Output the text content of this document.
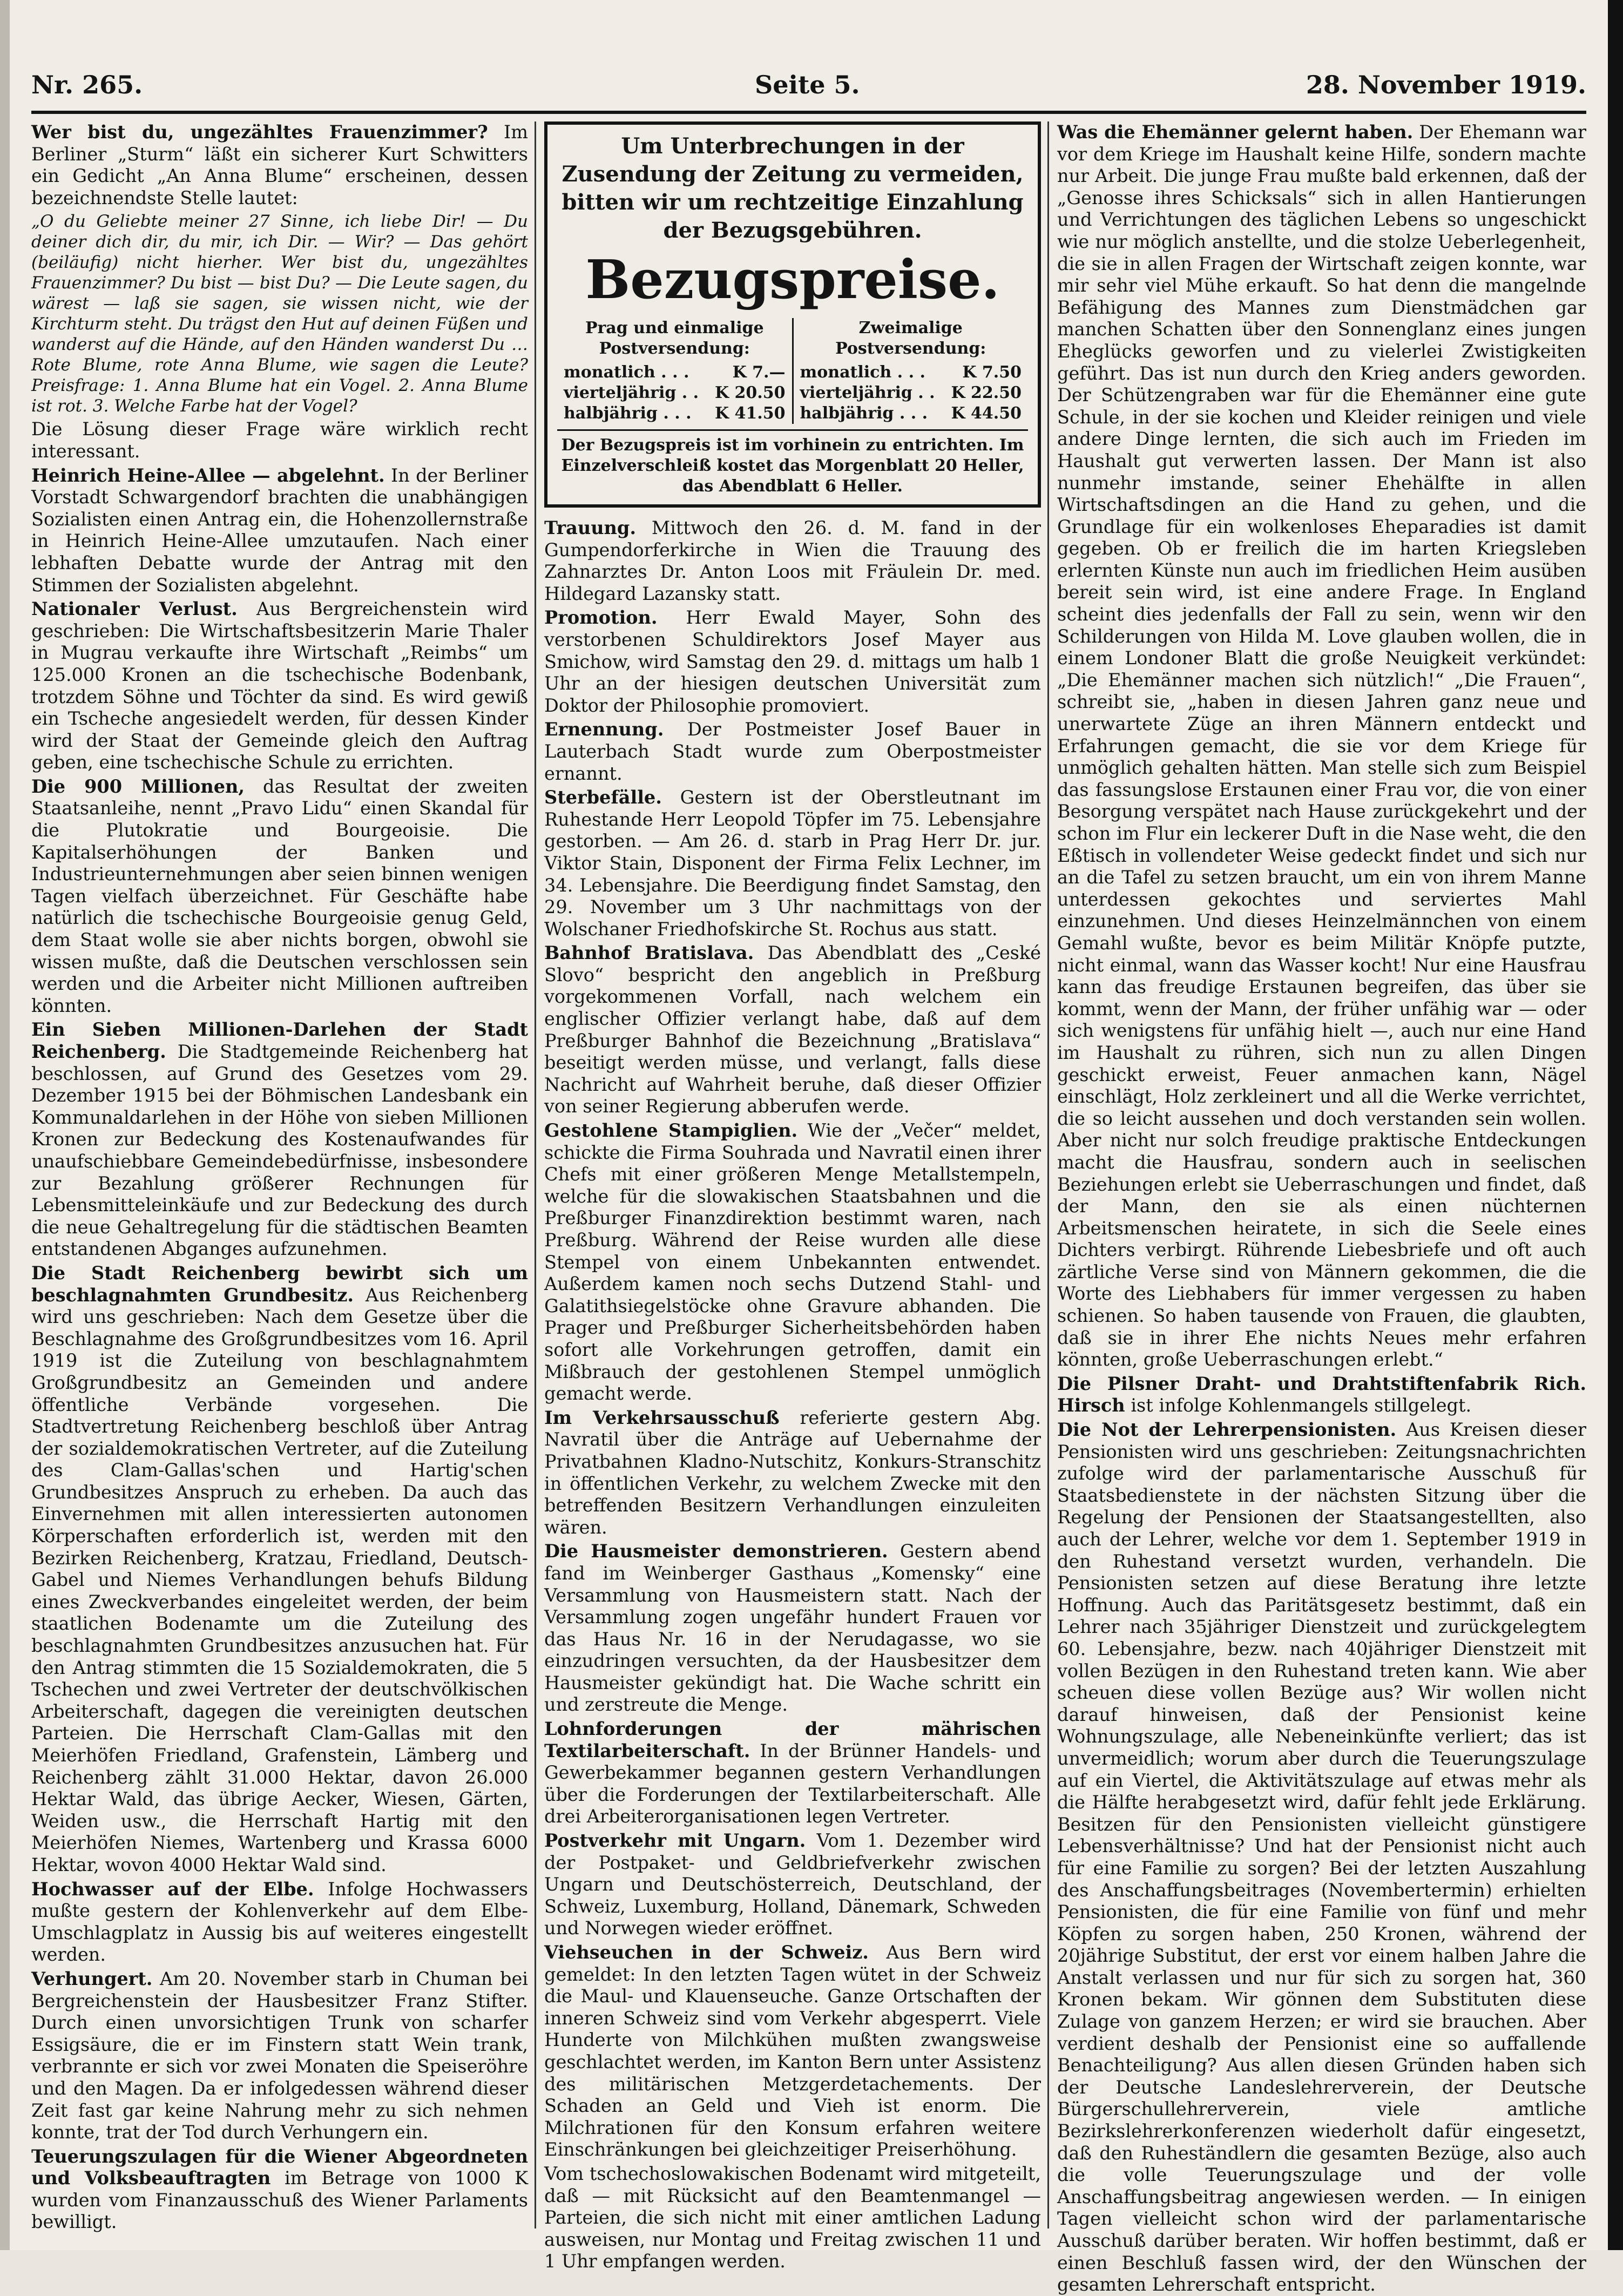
Nr. 265.	Seite 5.	28. November 1919.

Wer bist du, ungezähltes Frauenzimmer? Im Berliner „Sturm“ läßt ein sicherer Kurt Schwitters ein Gedicht „An Anna Blume“ erscheinen, dessen bezeichnendste Stelle lautet:

„O du Geliebte meiner 27 Sinne, ich liebe Dir! — Du deiner dich dir, du mir, ich Dir. — Wir? — Das gehört (beiläufig) nicht hierher. Wer bist du, ungezähltes Frauenzimmer? Du bist — bist Du? — Die Leute sagen, du wärest — laß sie sagen, sie wissen nicht, wie der Kirchturm steht. Du trägst den Hut auf deinen Füßen und wanderst auf die Hände, auf den Händen wanderst Du … Rote Blume, rote Anna Blume, wie sagen die Leute? Preisfrage: 1. Anna Blume hat ein Vogel. 2. Anna Blume ist rot. 3. Welche Farbe hat der Vogel?

Die Lösung dieser Frage wäre wirklich recht interessant.

Heinrich Heine-Allee — abgelehnt. In der Berliner Vorstadt Schwargendorf brachten die unabhängigen Sozialisten einen Antrag ein, die Hohenzollernstraße in Heinrich Heine-Allee umzutaufen. Nach einer lebhaften Debatte wurde der Antrag mit den Stimmen der Sozialisten abgelehnt.

Nationaler Verlust. Aus Bergreichenstein wird geschrieben: Die Wirtschaftsbesitzerin Marie Thaler in Mugrau verkaufte ihre Wirtschaft „Reimbs“ um 125.000 Kronen an die tschechische Bodenbank, trotzdem Söhne und Töchter da sind. Es wird gewiß ein Tscheche angesiedelt werden, für dessen Kinder wird der Staat der Gemeinde gleich den Auftrag geben, eine tschechische Schule zu errichten.

Die 900 Millionen, das Resultat der zweiten Staatsanleihe, nennt „Pravo Lidu“ einen Skandal für die Plutokratie und Bourgeoisie. Die Kapitalserhöhungen der Banken und Industrieunternehmungen aber seien binnen wenigen Tagen vielfach überzeichnet. Für Geschäfte habe natürlich die tschechische Bourgeoisie genug Geld, dem Staat wolle sie aber nichts borgen, obwohl sie wissen mußte, daß die Deutschen verschlossen sein werden und die Arbeiter nicht Millionen auftreiben könnten.

Ein Sieben Millionen-Darlehen der Stadt Reichenberg. Die Stadtgemeinde Reichenberg hat beschlossen, auf Grund des Gesetzes vom 29. Dezember 1915 bei der Böhmischen Landesbank ein Kommunaldarlehen in der Höhe von sieben Millionen Kronen zur Bedeckung des Kostenaufwandes für unaufschiebbare Gemeindebedürfnisse, insbesondere zur Bezahlung größerer Rechnungen für Lebensmitteleinkäufe und zur Bedeckung des durch die neue Gehaltregelung für die städtischen Beamten entstandenen Abganges aufzunehmen.

Die Stadt Reichenberg bewirbt sich um beschlagnahmten Grundbesitz. Aus Reichenberg wird uns geschrieben: Nach dem Gesetze über die Beschlagnahme des Großgrundbesitzes vom 16. April 1919 ist die Zuteilung von beschlagnahmtem Großgrundbesitz an Gemeinden und andere öffentliche Verbände vorgesehen. Die Stadtvertretung Reichenberg beschloß über Antrag der sozialdemokratischen Vertreter, auf die Zuteilung des Clam-Gallas'schen und Hartig'schen Grundbesitzes Anspruch zu erheben. Da auch das Einvernehmen mit allen interessierten autonomen Körperschaften erforderlich ist, werden mit den Bezirken Reichenberg, Kratzau, Friedland, Deutsch-Gabel und Niemes Verhandlungen behufs Bildung eines Zweckverbandes eingeleitet werden, der beim staatlichen Bodenamte um die Zuteilung des beschlagnahmten Grundbesitzes anzusuchen hat. Für den Antrag stimmten die 15 Sozialdemokraten, die 5 Tschechen und zwei Vertreter der deutschvölkischen Arbeiterschaft, dagegen die vereinigten deutschen Parteien. Die Herrschaft Clam-Gallas mit den Meierhöfen Friedland, Grafenstein, Lämberg und Reichenberg zählt 31.000 Hektar, davon 26.000 Hektar Wald, das übrige Aecker, Wiesen, Gärten, Weiden usw., die Herrschaft Hartig mit den Meierhöfen Niemes, Wartenberg und Krassa 6000 Hektar, wovon 4000 Hektar Wald sind.

Hochwasser auf der Elbe. Infolge Hochwassers mußte gestern der Kohlenverkehr auf dem Elbe-Umschlagplatz in Aussig bis auf weiteres eingestellt werden.

Verhungert. Am 20. November starb in Chuman bei Bergreichenstein der Hausbesitzer Franz Stifter. Durch einen unvorsichtigen Trunk von scharfer Essigsäure, die er im Finstern statt Wein trank, verbrannte er sich vor zwei Monaten die Speiseröhre und den Magen. Da er infolgedessen während dieser Zeit fast gar keine Nahrung mehr zu sich nehmen konnte, trat der Tod durch Verhungern ein.

Teuerungszulagen für die Wiener Abgeordneten und Volksbeauftragten im Betrage von 1000 K wurden vom Finanzausschuß des Wiener Parlaments bewilligt.

Um Unterbrechungen in der Zusendung der Zeitung zu vermeiden, bitten wir um rechtzeitige Einzahlung der Bezugsgebühren.

Bezugspreise.
Prag und einmalige Postversendung:
monatlich . . .	K 7.—
vierteljährig . . K 20.50
halbjährig . . . K 41.50
Zweimalige Postversendung:
monatlich . . . K 7.50
vierteljährig . . K 22.50
halbjährig . . . K 44.50
Der Bezugspreis ist im vorhinein zu entrichten. Im Einzelverschleiß kostet das Morgenblatt 20 Heller, das Abendblatt 6 Heller.

Trauung. Mittwoch den 26. d. M. fand in der Gumpendorferkirche in Wien die Trauung des Zahnarztes Dr. Anton Loos mit Fräulein Dr. med. Hildegard Lazansky statt.

Promotion. Herr Ewald Mayer, Sohn des verstorbenen Schuldirektors Josef Mayer aus Smichow, wird Samstag den 29. d. mittags um halb 1 Uhr an der hiesigen deutschen Universität zum Doktor der Philosophie promoviert.

Ernennung. Der Postmeister Josef Bauer in Lauterbach Stadt wurde zum Oberpostmeister ernannt.

Sterbefälle. Gestern ist der Oberstleutnant im Ruhestande Herr Leopold Töpfer im 75. Lebensjahre gestorben. — Am 26. d. starb in Prag Herr Dr. jur. Viktor Stain, Disponent der Firma Felix Lechner, im 34. Lebensjahre. Die Beerdigung findet Samstag, den 29. November um 3 Uhr nachmittags von der Wolschaner Friedhofskirche St. Rochus aus statt.

Bahnhof Bratislava. Das Abendblatt des „Ceské Slovo“ bespricht den angeblich in Preßburg vorgekommenen Vorfall, nach welchem ein englischer Offizier verlangt habe, daß auf dem Preßburger Bahnhof die Bezeichnung „Bratislava“ beseitigt werden müsse, und verlangt, falls diese Nachricht auf Wahrheit beruhe, daß dieser Offizier von seiner Regierung abberufen werde.

Gestohlene Stampiglien. Wie der „Večer“ meldet, schickte die Firma Souhrada und Navratil einen ihrer Chefs mit einer größeren Menge Metallstempeln, welche für die slowakischen Staatsbahnen und die Preßburger Finanzdirektion bestimmt waren, nach Preßburg. Während der Reise wurden alle diese Stempel von einem Unbekannten entwendet. Außerdem kamen noch sechs Dutzend Stahl- und Galatithsiegelstöcke ohne Gravure abhanden. Die Prager und Preßburger Sicherheitsbehörden haben sofort alle Vorkehrungen getroffen, damit ein Mißbrauch der gestohlenen Stempel unmöglich gemacht werde.

Im Verkehrsausschuß referierte gestern Abg. Navratil über die Anträge auf Uebernahme der Privatbahnen Kladno-Nutschitz, Konkurs-Stranschitz in öffentlichen Verkehr, zu welchem Zwecke mit den betreffenden Besitzern Verhandlungen einzuleiten wären.

Die Hausmeister demonstrieren. Gestern abend fand im Weinberger Gasthaus „Komensky“ eine Versammlung von Hausmeistern statt. Nach der Versammlung zogen ungefähr hundert Frauen vor das Haus Nr. 16 in der Nerudagasse, wo sie einzudringen versuchten, da der Hausbesitzer dem Hausmeister gekündigt hat. Die Wache schritt ein und zerstreute die Menge.

Lohnforderungen der mährischen Textilarbeiterschaft. In der Brünner Handels- und Gewerbekammer begannen gestern Verhandlungen über die Forderungen der Textilarbeiterschaft. Alle drei Arbeiterorganisationen legen Vertreter.

Postverkehr mit Ungarn. Vom 1. Dezember wird der Postpaket- und Geldbriefverkehr zwischen Ungarn und Deutschösterreich, Deutschland, der Schweiz, Luxemburg, Holland, Dänemark, Schweden und Norwegen wieder eröffnet.

Viehseuchen in der Schweiz. Aus Bern wird gemeldet: In den letzten Tagen wütet in der Schweiz die Maul- und Klauenseuche. Ganze Ortschaften der inneren Schweiz sind vom Verkehr abgesperrt. Viele Hunderte von Milchkühen mußten zwangsweise geschlachtet werden, im Kanton Bern unter Assistenz des militärischen Metzgerdetachements. Der Schaden an Geld und Vieh ist enorm. Die Milchrationen für den Konsum erfahren weitere Einschränkungen bei gleichzeitiger Preiserhöhung.

Vom tschechoslowakischen Bodenamt wird mitgeteilt, daß — mit Rücksicht auf den Beamtenmangel — Parteien, die sich nicht mit einer amtlichen Ladung ausweisen, nur Montag und Freitag zwischen 11 und 1 Uhr empfangen werden.

Was die Ehemänner gelernt haben. Der Ehemann war vor dem Kriege im Haushalt keine Hilfe, sondern machte nur Arbeit. Die junge Frau mußte bald erkennen, daß der „Genosse ihres Schicksals“ sich in allen Hantierungen und Verrichtungen des täglichen Lebens so ungeschickt wie nur möglich anstellte, und die stolze Ueberlegenheit, die sie in allen Fragen der Wirtschaft zeigen konnte, war mir sehr viel Mühe erkauft. So hat denn die mangelnde Befähigung des Mannes zum Dienstmädchen gar manchen Schatten über den Sonnenglanz eines jungen Eheglücks geworfen und zu vielerlei Zwistigkeiten geführt. Das ist nun durch den Krieg anders geworden. Der Schützengraben war für die Ehemänner eine gute Schule, in der sie kochen und Kleider reinigen und viele andere Dinge lernten, die sich auch im Frieden im Haushalt gut verwerten lassen. Der Mann ist also nunmehr imstande, seiner Ehehälfte in allen Wirtschaftsdingen an die Hand zu gehen, und die Grundlage für ein wolkenloses Eheparadies ist damit gegeben. Ob er freilich die im harten Kriegsleben erlernten Künste nun auch im friedlichen Heim ausüben bereit sein wird, ist eine andere Frage. In England scheint dies jedenfalls der Fall zu sein, wenn wir den Schilderungen von Hilda M. Love glauben wollen, die in einem Londoner Blatt die große Neuigkeit verkündet: „Die Ehemänner machen sich nützlich!“ „Die Frauen“, schreibt sie, „haben in diesen Jahren ganz neue und unerwartete Züge an ihren Männern entdeckt und Erfahrungen gemacht, die sie vor dem Kriege für unmöglich gehalten hätten. Man stelle sich zum Beispiel das fassungslose Erstaunen einer Frau vor, die von einer Besorgung verspätet nach Hause zurückgekehrt und der schon im Flur ein leckerer Duft in die Nase weht, die den Eßtisch in vollendeter Weise gedeckt findet und sich nur an die Tafel zu setzen braucht, um ein von ihrem Manne unterdessen gekochtes und serviertes Mahl einzunehmen. Und dieses Heinzelmännchen von einem Gemahl wußte, bevor es beim Militär Knöpfe putzte, nicht einmal, wann das Wasser kocht! Nur eine Hausfrau kann das freudige Erstaunen begreifen, das über sie kommt, wenn der Mann, der früher unfähig war — oder sich wenigstens für unfähig hielt —, auch nur eine Hand im Haushalt zu rühren, sich nun zu allen Dingen geschickt erweist, Feuer anmachen kann, Nägel einschlägt, Holz zerkleinert und all die Werke verrichtet, die so leicht aussehen und doch verstanden sein wollen. Aber nicht nur solch freudige praktische Entdeckungen macht die Hausfrau, sondern auch in seelischen Beziehungen erlebt sie Ueberraschungen und findet, daß der Mann, den sie als einen nüchternen Arbeitsmenschen heiratete, in sich die Seele eines Dichters verbirgt. Rührende Liebesbriefe und oft auch zärtliche Verse sind von Männern gekommen, die die Worte des Liebhabers für immer vergessen zu haben schienen. So haben tausende von Frauen, die glaubten, daß sie in ihrer Ehe nichts Neues mehr erfahren könnten, große Ueberraschungen erlebt.“

Die Pilsner Draht- und Drahtstiftenfabrik Rich. Hirsch ist infolge Kohlenmangels stillgelegt.

Die Not der Lehrerpensionisten. Aus Kreisen dieser Pensionisten wird uns geschrieben: Zeitungsnachrichten zufolge wird der parlamentarische Ausschuß für Staatsbedienstete in der nächsten Sitzung über die Regelung der Pensionen der Staatsangestellten, also auch der Lehrer, welche vor dem 1. September 1919 in den Ruhestand versetzt wurden, verhandeln. Die Pensionisten setzen auf diese Beratung ihre letzte Hoffnung. Auch das Paritätsgesetz bestimmt, daß ein Lehrer nach 35jähriger Dienstzeit und zurückgelegtem 60. Lebensjahre, bezw. nach 40jähriger Dienstzeit mit vollen Bezügen in den Ruhestand treten kann. Wie aber scheuen diese vollen Bezüge aus? Wir wollen nicht darauf hinweisen, daß der Pensionist keine Wohnungszulage, alle Nebeneinkünfte verliert; das ist unvermeidlich; worum aber durch die Teuerungszulage auf ein Viertel, die Aktivitätszulage auf etwas mehr als die Hälfte herabgesetzt wird, dafür fehlt jede Erklärung. Besitzen für den Pensionisten vielleicht günstigere Lebensverhältnisse? Und hat der Pensionist nicht auch für eine Familie zu sorgen? Bei der letzten Auszahlung des Anschaffungsbeitrages (Novembertermin) erhielten Pensionisten, die für eine Familie von fünf und mehr Köpfen zu sorgen haben, 250 Kronen, während der 20jährige Substitut, der erst vor einem halben Jahre die Anstalt verlassen und nur für sich zu sorgen hat, 360 Kronen bekam. Wir gönnen dem Substituten diese Zulage von ganzem Herzen; er wird sie brauchen. Aber verdient deshalb der Pensionist eine so auffallende Benachteiligung? Aus allen diesen Gründen haben sich der Deutsche Landeslehrerverein, der Deutsche Bürgerschullehrerverein, viele amtliche Bezirkslehrerkonferenzen wiederholt dafür eingesetzt, daß den Ruheständlern die gesamten Bezüge, also auch die volle Teuerungszulage und der volle Anschaffungsbeitrag angewiesen werden. — In einigen Tagen vielleicht schon wird der parlamentarische Ausschuß darüber beraten. Wir hoffen bestimmt, daß er einen Beschluß fassen wird, der den Wünschen der gesamten Lehrerschaft entspricht.
